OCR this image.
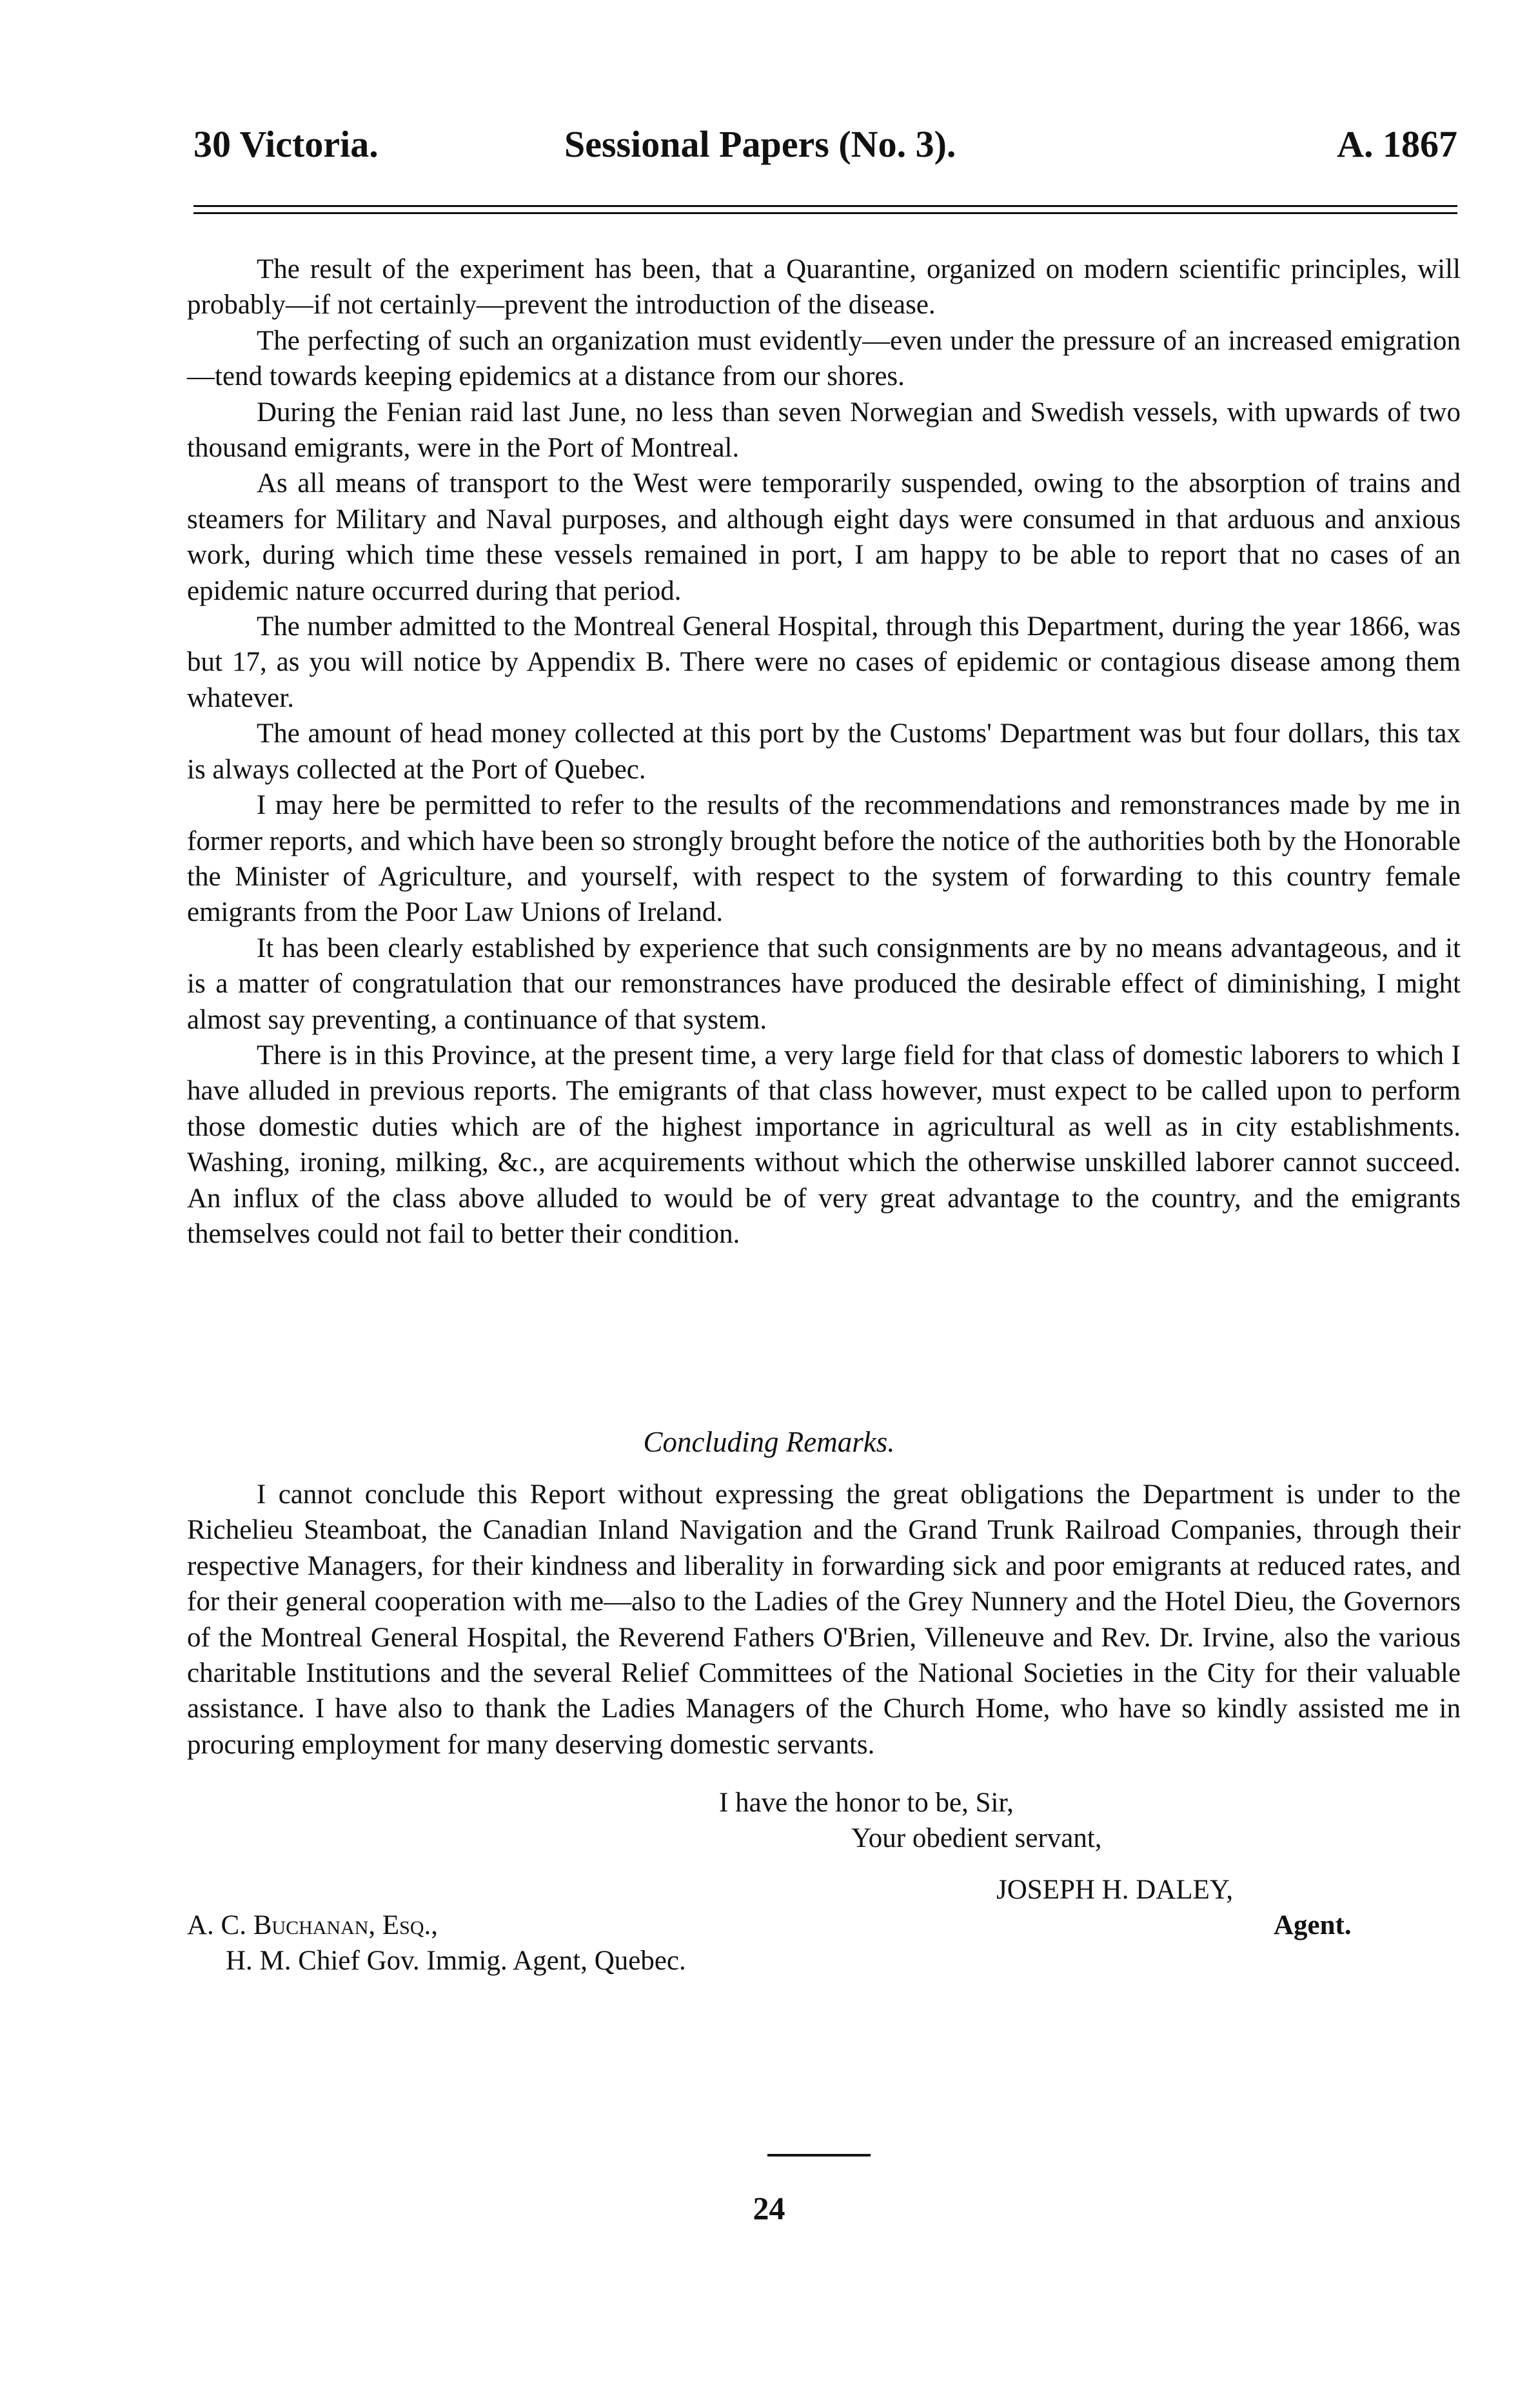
30 Victoria.	Sessional Papers (No. 3).	A. 1867

The result of the experiment has been, that a Quarantine, organized on modern scientific principles, will probably—if not certainly—prevent the introduction of the disease.

The perfecting of such an organization must evidently—even under the pressure of an increased emigration—tend towards keeping epidemics at a distance from our shores.

During the Fenian raid last June, no less than seven Norwegian and Swedish vessels, with upwards of two thousand emigrants, were in the Port of Montreal.

As all means of transport to the West were temporarily suspended, owing to the absorption of trains and steamers for Military and Naval purposes, and although eight days were consumed in that arduous and anxious work, during which time these vessels remained in port, I am happy to be able to report that no cases of an epidemic nature occurred during that period.

The number admitted to the Montreal General Hospital, through this Department, during the year 1866, was but 17, as you will notice by Appendix B. There were no cases of epidemic or contagious disease among them whatever.

The amount of head money collected at this port by the Customs' Department was but four dollars, this tax is always collected at the Port of Quebec.

I may here be permitted to refer to the results of the recommendations and remonstrances made by me in former reports, and which have been so strongly brought before the notice of the authorities both by the Honorable the Minister of Agriculture, and yourself, with respect to the system of forwarding to this country female emigrants from the Poor Law Unions of Ireland.

It has been clearly established by experience that such consignments are by no means advantageous, and it is a matter of congratulation that our remonstrances have produced the desirable effect of diminishing, I might almost say preventing, a continuance of that system.

There is in this Province, at the present time, a very large field for that class of domestic laborers to which I have alluded in previous reports. The emigrants of that class however, must expect to be called upon to perform those domestic duties which are of the highest importance in agricultural as well as in city establishments. Washing, ironing, milking, &c., are acquirements without which the otherwise unskilled laborer cannot succeed. An influx of the class above alluded to would be of very great advantage to the country, and the emigrants themselves could not fail to better their condition.

Concluding Remarks.

I cannot conclude this Report without expressing the great obligations the Department is under to the Richelieu Steamboat, the Canadian Inland Navigation and the Grand Trunk Railroad Companies, through their respective Managers, for their kindness and liberality in forwarding sick and poor emigrants at reduced rates, and for their general cooperation with me—also to the Ladies of the Grey Nunnery and the Hotel Dieu, the Governors of the Montreal General Hospital, the Reverend Fathers O'Brien, Villeneuve and Rev. Dr. Irvine, also the various charitable Institutions and the several Relief Committees of the National Societies in the City for their valuable assistance. I have also to thank the Ladies Managers of the Church Home, who have so kindly assisted me in procuring employment for many deserving domestic servants.

I have the honor to be, Sir,
Your obedient servant,
JOSEPH H. DALEY,
Agent.
A. C. Buchanan, Esq.,
H. M. Chief Gov. Immig. Agent, Quebec.
24
